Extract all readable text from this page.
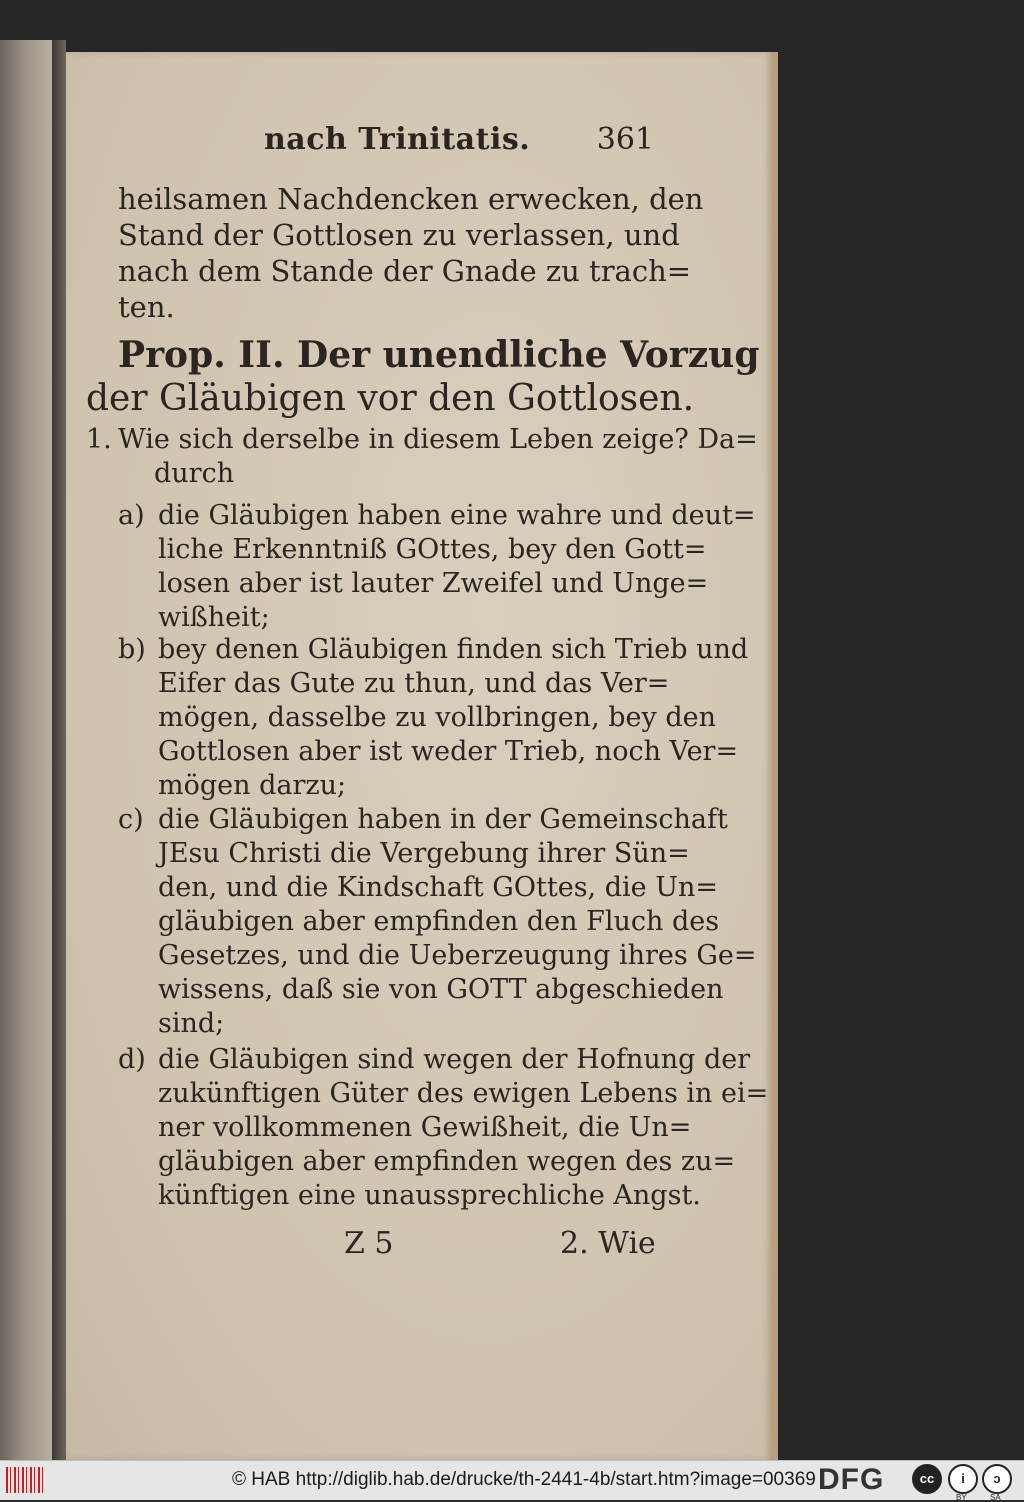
nach Trinitatis. 361
heilsamen Nachdencken erwecken, den
Stand der Gottlosen zu verlassen, und
nach dem Stande der Gnade zu trach=
ten.
Prop. II. Der unendliche Vorzug
der Gläubigen vor den Gottlosen.
1. Wie sich derselbe in diesem Leben zeige? Da=
durch
a) die Gläubigen haben eine wahre und deut=
liche Erkenntniß GOttes, bey den Gott=
losen aber ist lauter Zweifel und Unge=
wißheit;
b) bey denen Gläubigen finden sich Trieb und
Eifer das Gute zu thun, und das Ver=
mögen, dasselbe zu vollbringen, bey den
Gottlosen aber ist weder Trieb, noch Ver=
mögen darzu;
c) die Gläubigen haben in der Gemeinschaft
JEsu Christi die Vergebung ihrer Sün=
den, und die Kindschaft GOttes, die Un=
gläubigen aber empfinden den Fluch des
Gesetzes, und die Ueberzeugung ihres Ge=
wissens, daß sie von GOTT abgeschieden
sind;
d) die Gläubigen sind wegen der Hofnung der
zukünftigen Güter des ewigen Lebens in ei=
ner vollkommenen Gewißheit, die Un=
gläubigen aber empfinden wegen des zu=
künftigen eine unaussprechliche Angst.
Z 5	2. Wie
© HAB http://diglib.hab.de/drucke/th-2441-4b/start.htm?image=00369 DFG	cc	i	ↄ
BY	SA
